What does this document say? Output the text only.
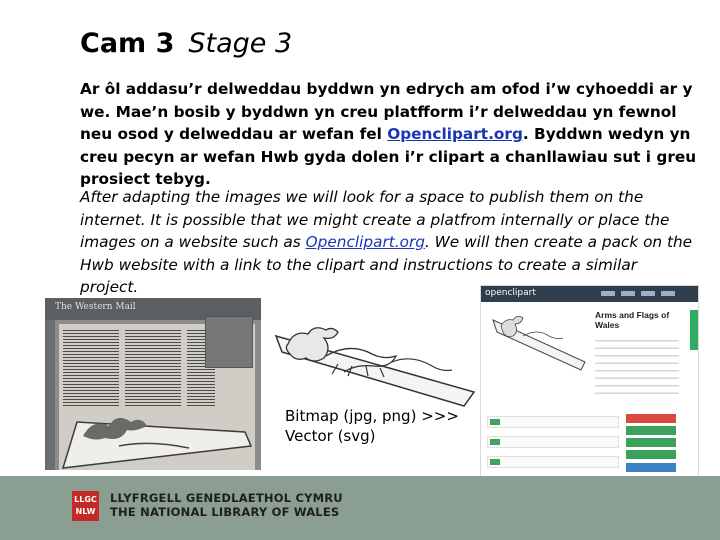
Cam 3 Stage 3
Ar ôl addasu’r delweddau byddwn yn edrych am ofod i’w cyhoeddi ar y we. Mae’n bosib y byddwn yn creu platfform i’r delweddau yn fewnol neu osod y delweddau ar wefan fel Openclipart.org. Byddwn wedyn yn creu pecyn ar wefan Hwb gyda dolen i’r clipart a chanllawiau sut i greu prosiect tebyg.
After adapting the images we will look for a space to publish them on the internet. It is possible that we might create a platfrom internally or place the images on a website such as Openclipart.org. We will then create a pack on the Hwb website with a link to the clipart and instructions to create a similar project.
The Western Mail
Bitmap (jpg, png) >>>
Vector (svg)
openclipart
Arms and Flags of
Wales
LLGC
NLW
LLYFRGELL GENEDLAETHOL CYMRU
THE NATIONAL LIBRARY OF WALES
